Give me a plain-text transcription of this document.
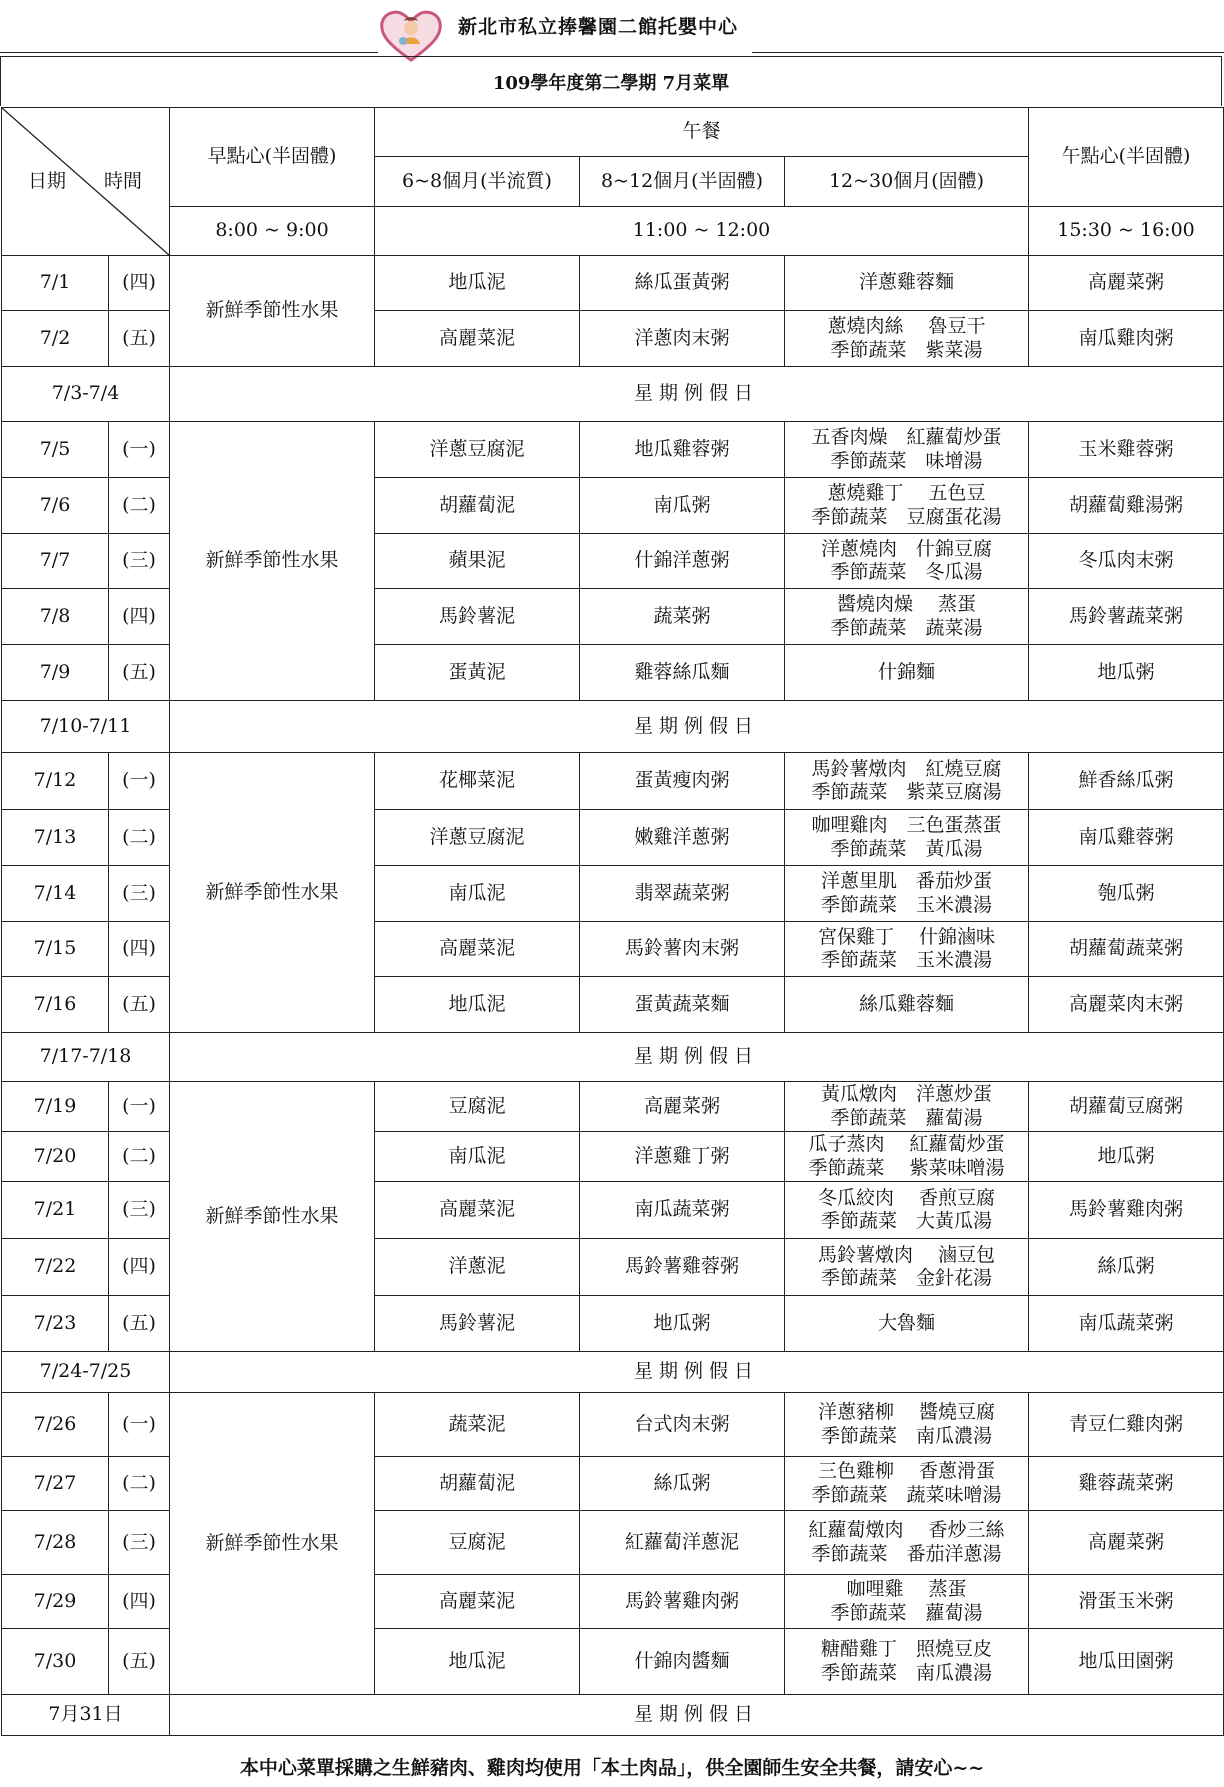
新北市私立捧馨園二館托嬰中心
109學年度第二學期 7月菜單
日期 時間		早點心(半固體)	午餐			午點心(半固體)
			6~8個月(半流質)	8~12個月(半固體)	12~30個月(固體)	
		8:00 ~ 9:00	11:00 ~ 12:00			15:30 ~ 16:00
7/1	(四)	新鮮季節性水果	地瓜泥	絲瓜蛋黃粥	洋蔥雞蓉麵	高麗菜粥
7/2	(五)		高麗菜泥	洋蔥肉末粥	蔥燒肉絲　 魯豆干
季節蔬菜　紫菜湯	南瓜雞肉粥
7/3-7/4		星期例假日				
7/5	(一)	新鮮季節性水果	洋蔥豆腐泥	地瓜雞蓉粥	五香肉燥　紅蘿蔔炒蛋
季節蔬菜　味增湯	玉米雞蓉粥
7/6	(二)		胡蘿蔔泥	南瓜粥	蔥燒雞丁　 五色豆
季節蔬菜　豆腐蛋花湯	胡蘿蔔雞湯粥
7/7	(三)		蘋果泥	什錦洋蔥粥	洋蔥燒肉　什錦豆腐
季節蔬菜　冬瓜湯	冬瓜肉末粥
7/8	(四)		馬鈴薯泥	蔬菜粥	醬燒肉燥　 蒸蛋
季節蔬菜　蔬菜湯	馬鈴薯蔬菜粥
7/9	(五)		蛋黃泥	雞蓉絲瓜麵	什錦麵	地瓜粥
7/10-7/11		星期例假日				
7/12	(一)	新鮮季節性水果	花椰菜泥	蛋黃瘦肉粥	馬鈴薯燉肉　紅燒豆腐
季節蔬菜　紫菜豆腐湯	鮮香絲瓜粥
7/13	(二)		洋蔥豆腐泥	嫩雞洋蔥粥	咖哩雞肉　三色蛋蒸蛋
季節蔬菜　黃瓜湯	南瓜雞蓉粥
7/14	(三)		南瓜泥	翡翠蔬菜粥	洋蔥里肌　番茄炒蛋
季節蔬菜　玉米濃湯	匏瓜粥
7/15	(四)		高麗菜泥	馬鈴薯肉末粥	宮保雞丁　 什錦滷味
季節蔬菜　玉米濃湯	胡蘿蔔蔬菜粥
7/16	(五)		地瓜泥	蛋黃蔬菜麵	絲瓜雞蓉麵	高麗菜肉末粥
7/17-7/18		星期例假日				
7/19	(一)	新鮮季節性水果	豆腐泥	高麗菜粥	黃瓜燉肉　洋蔥炒蛋
季節蔬菜　蘿蔔湯	胡蘿蔔豆腐粥
7/20	(二)		南瓜泥	洋蔥雞丁粥	瓜子蒸肉　 紅蘿蔔炒蛋
季節蔬菜　 紫菜味噌湯	地瓜粥
7/21	(三)		高麗菜泥	南瓜蔬菜粥	冬瓜絞肉　 香煎豆腐
季節蔬菜　大黃瓜湯	馬鈴薯雞肉粥
7/22	(四)		洋蔥泥	馬鈴薯雞蓉粥	馬鈴薯燉肉　 滷豆包
季節蔬菜　金針花湯	絲瓜粥
7/23	(五)		馬鈴薯泥	地瓜粥	大魯麵	南瓜蔬菜粥
7/24-7/25		星期例假日				
7/26	(一)	新鮮季節性水果	蔬菜泥	台式肉末粥	洋蔥豬柳　 醬燒豆腐
季節蔬菜　南瓜濃湯	青豆仁雞肉粥
7/27	(二)		胡蘿蔔泥	絲瓜粥	三色雞柳　 香蔥滑蛋
季節蔬菜　蔬菜味噌湯	雞蓉蔬菜粥
7/28	(三)		豆腐泥	紅蘿蔔洋蔥泥	紅蘿蔔燉肉　 香炒三絲
季節蔬菜　番茄洋蔥湯	高麗菜粥
7/29	(四)		高麗菜泥	馬鈴薯雞肉粥	咖哩雞　 蒸蛋
季節蔬菜　蘿蔔湯	滑蛋玉米粥
7/30	(五)		地瓜泥	什錦肉醬麵	糖醋雞丁　照燒豆皮
季節蔬菜　南瓜濃湯	地瓜田園粥
7月31日		星期例假日				
本中心菜單採購之生鮮豬肉、雞肉均使用「本土肉品」，供全園師生安全共餐，請安心~~
